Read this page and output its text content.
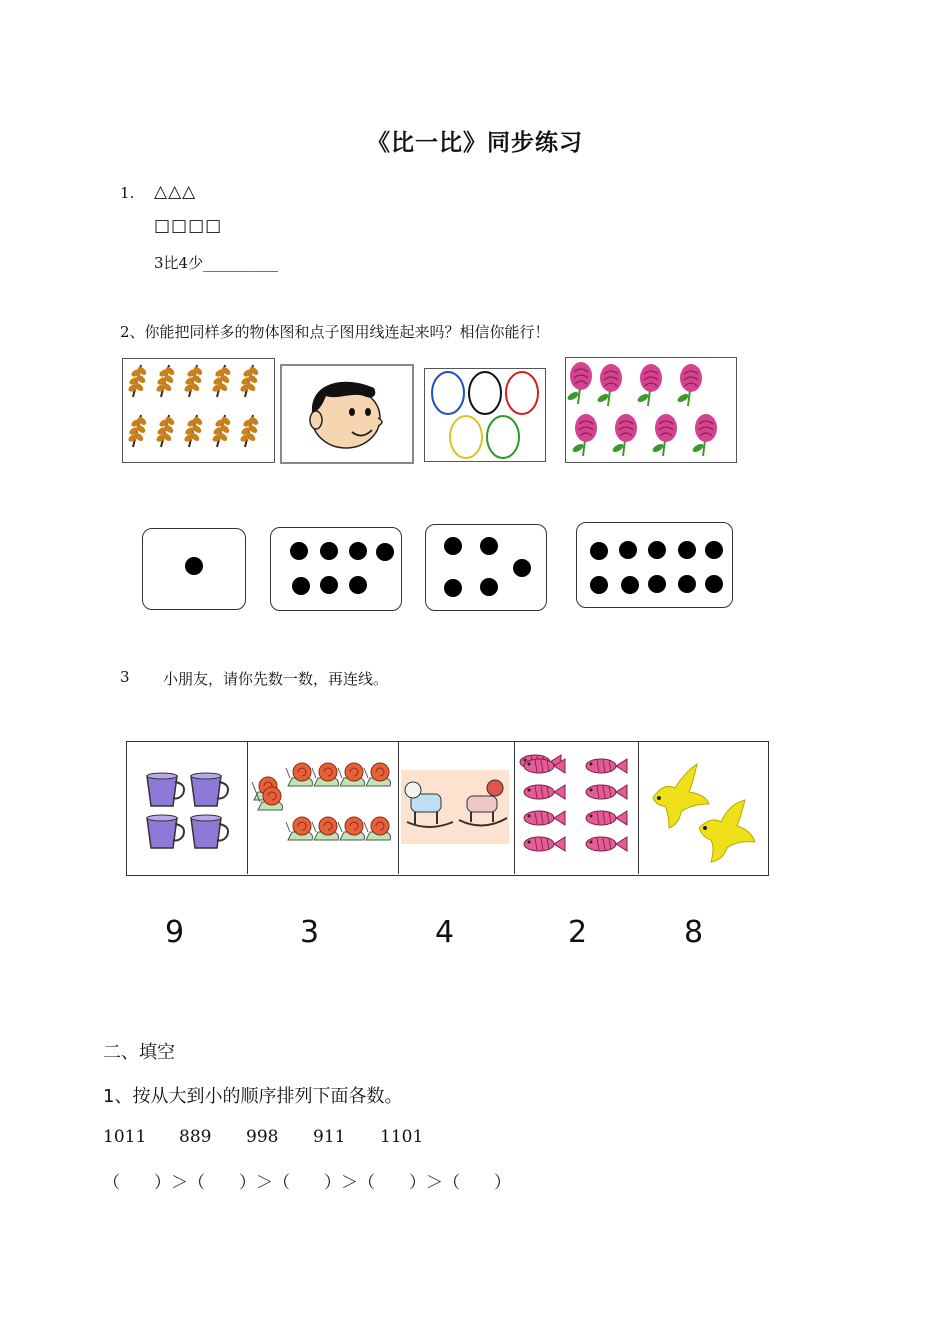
《比一比》同步练习
1. △△△
□□□□
3比4少__________
2、你能把同样多的物体图和点子图用线连起来吗？相信你能行！
3 小朋友，请你先数一数，再连线。
9	3	4	2	8
二、填空
1、按从大到小的顺序排列下面各数。
1011 889 998 911 1101
（　　）＞（　　）＞（　　）＞（　　）＞（　　）
